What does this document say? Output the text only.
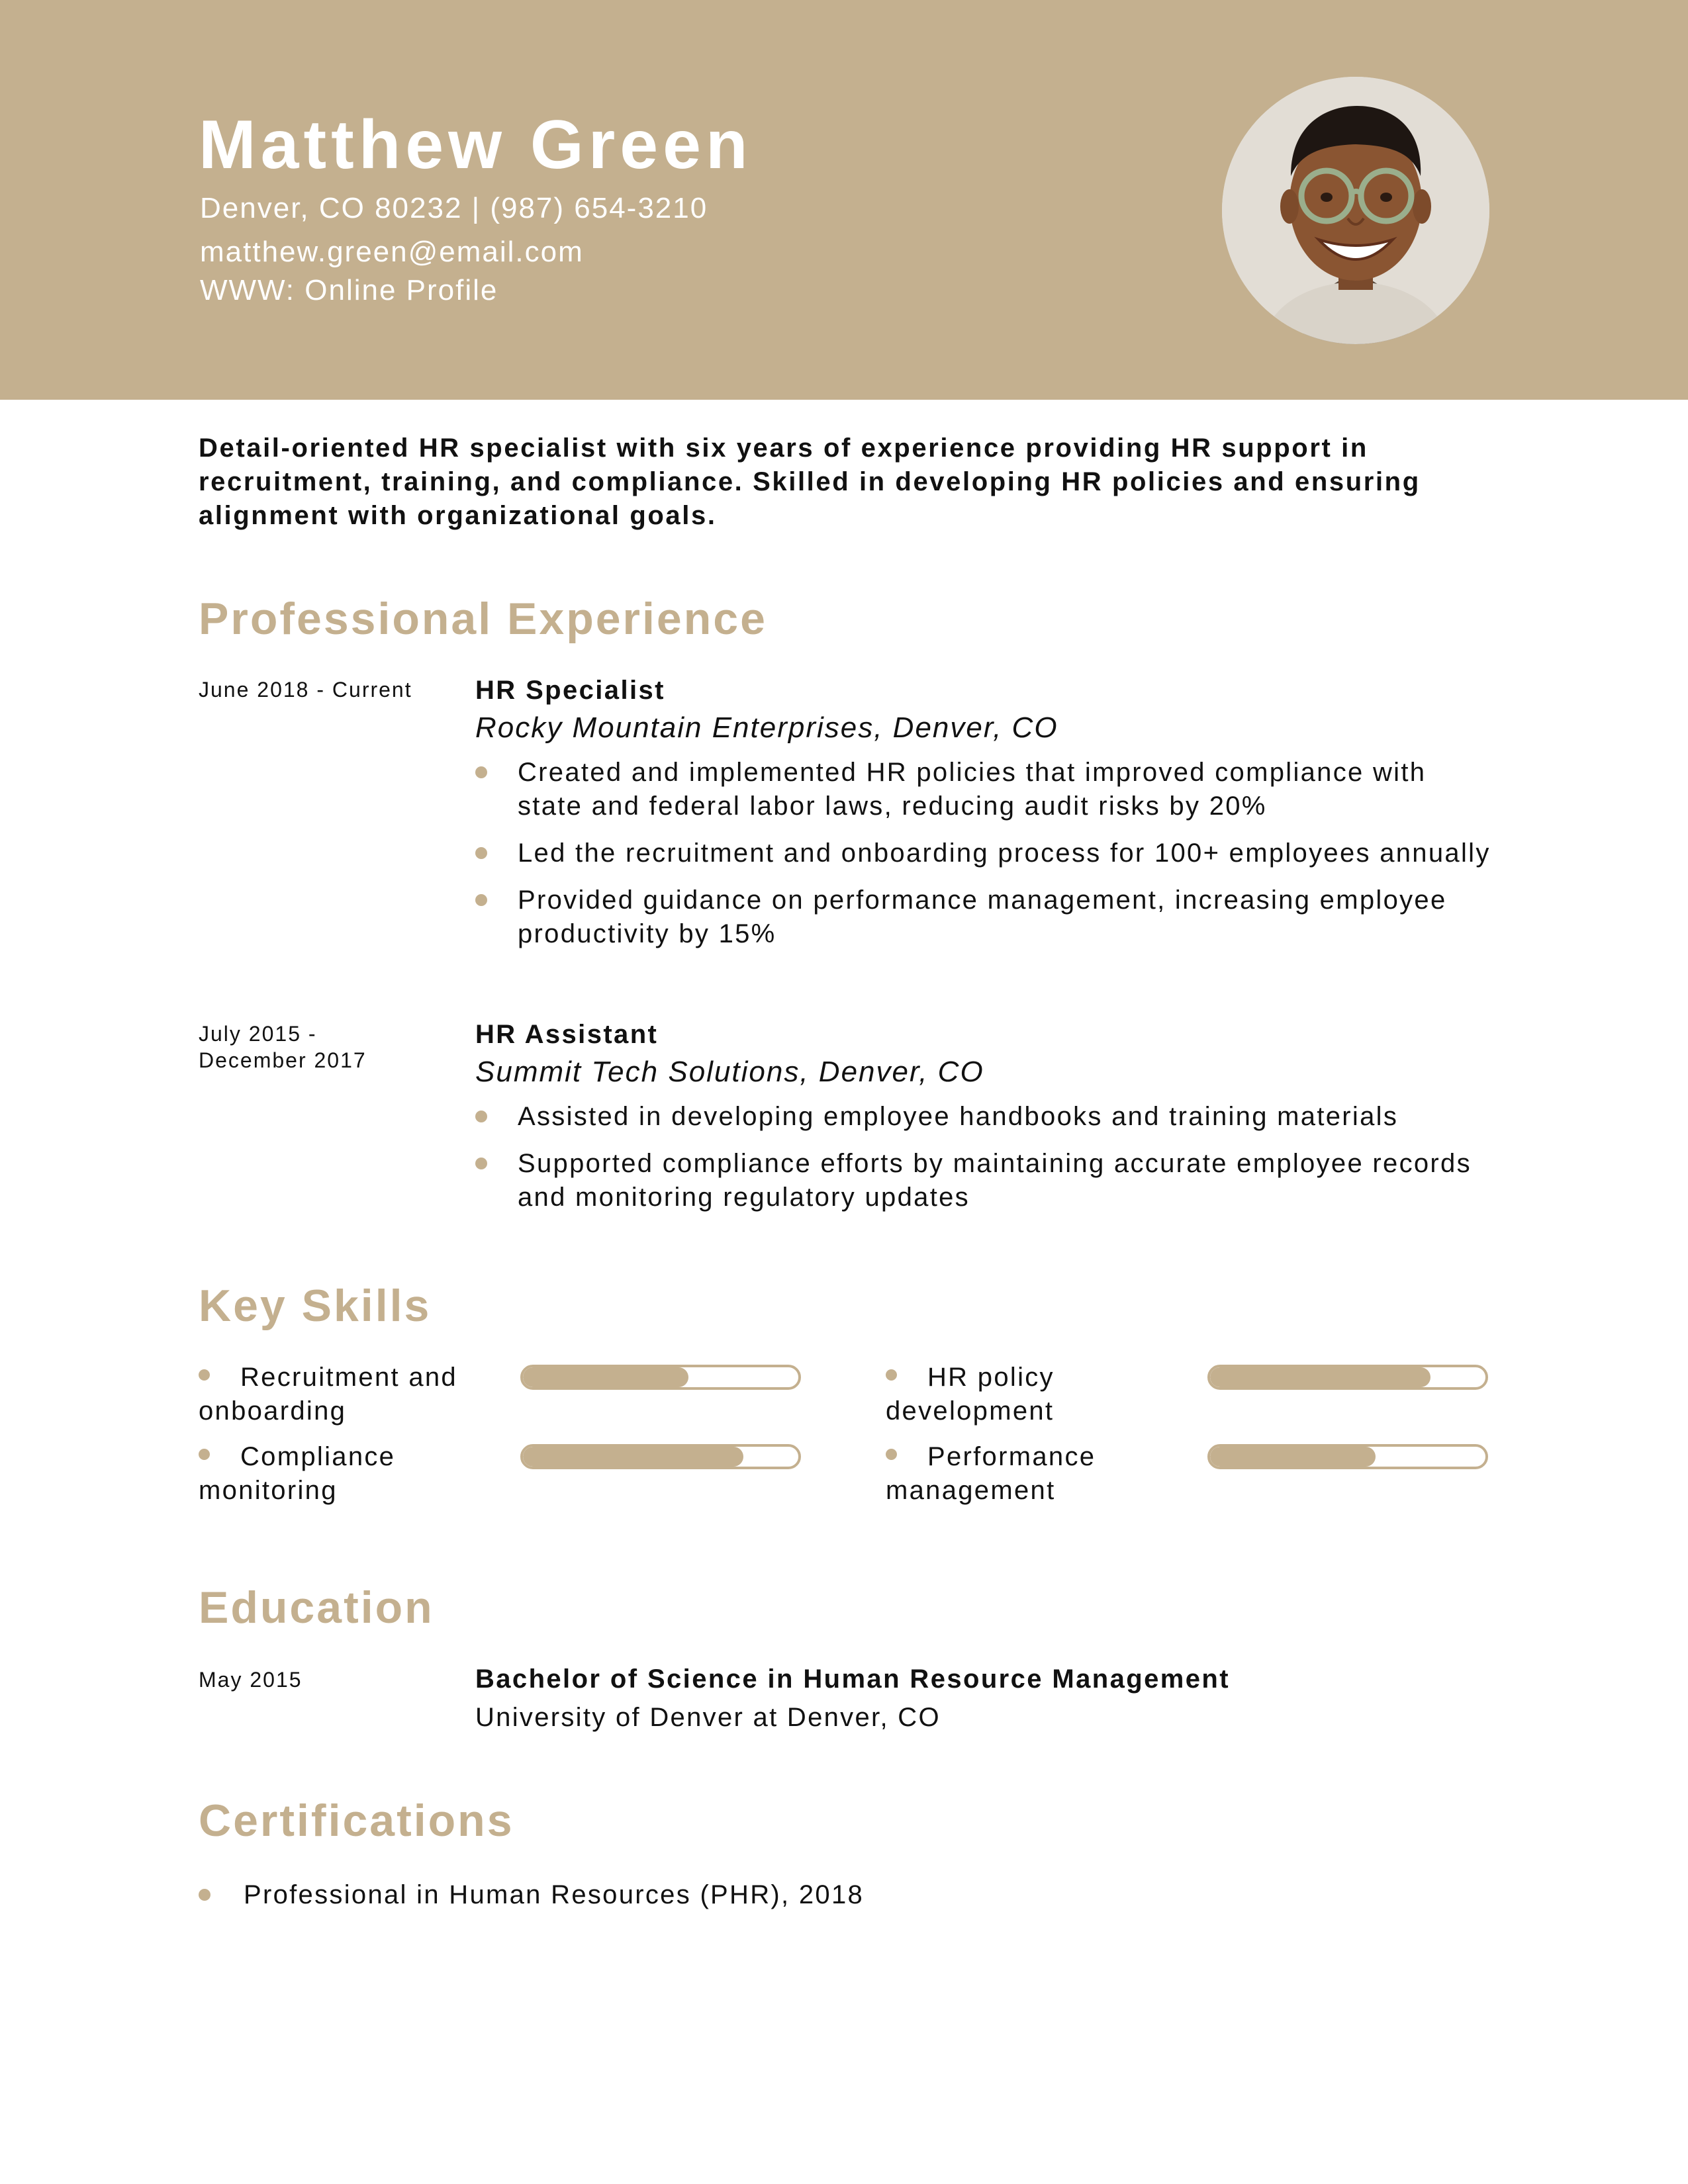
Matthew Green
Denver, CO 80232 | (987) 654-3210
matthew.green@email.com
WWW: Online Profile
Detail-oriented HR specialist with six years of experience providing HR support in recruitment, training, and compliance. Skilled in developing HR policies and ensuring alignment with organizational goals.
Professional Experience
June 2018 - Current HR Specialist
Rocky Mountain Enterprises, Denver, CO
Created and implemented HR policies that improved compliance with state and federal labor laws, reducing audit risks by 20%
Led the recruitment and onboarding process for 100+ employees annually
Provided guidance on performance management, increasing employee productivity by 15%
July 2015 -
December 2017
HR Assistant
Summit Tech Solutions, Denver, CO
Assisted in developing employee handbooks and training materials
Supported compliance efforts by maintaining accurate employee records and monitoring regulatory updates
Key Skills
Recruitment and
onboarding
HR policy
development
Compliance
monitoring
Performance
management
Education
May 2015	Bachelor of Science in Human Resource Management
University of Denver at Denver, CO
Certifications
Professional in Human Resources (PHR), 2018
